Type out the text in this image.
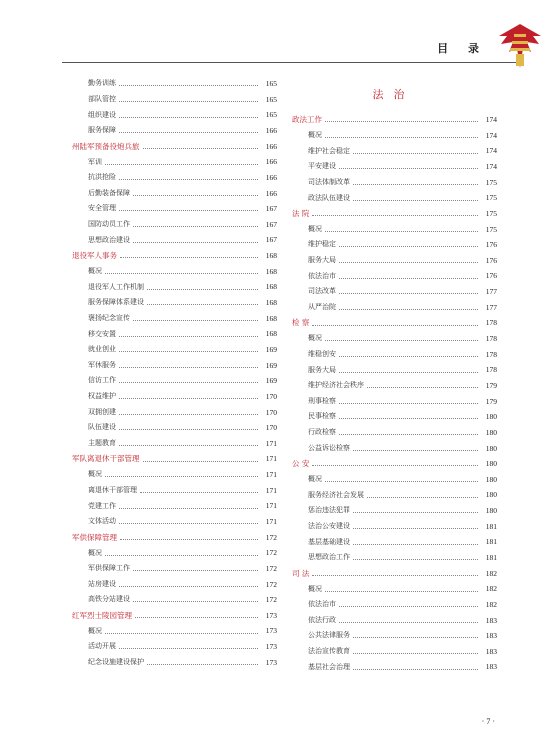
目 录
勤务训练	165
部队管控	165
组织建设	165
服务保障	166
州陆军预备役炮兵旅	166
军训	166
抗洪抢险	166
后勤装备保障	166
安全管理	167
国防动员工作	167
思想政治建设	167
退役军人事务	168
概况	168
退役军人工作机制	168
服务保障体系建设	168
褒扬纪念宣传	168
移交安置	168
就业创业	169
军休服务	169
信访工作	169
权益维护	170
双拥创建	170
队伍建设	170
主题教育	171
军队离退休干部管理	171
概况	171
离退休干部管理	171
党建工作	171
文体活动	171
军供保障管理	172
概况	172
军供保障工作	172
站房建设	172
高铁分站建设	172
红军烈士陵园管理	173
概况	173
活动开展	173
纪念设施建设保护	173
法治
政法工作	174
概况	174
维护社会稳定	174
平安建设	174
司法体制改革	175
政法队伍建设	175
法 院	175
概况	175
维护稳定	176
服务大局	176
依法治市	176
司法改革	177
从严治院	177
检 察	178
概况	178
维稳创安	178
服务大局	178
维护经济社会秩序	179
刑事检察	179
民事检察	180
行政检察	180
公益诉讼检察	180
公 安	180
概况	180
服务经济社会发展	180
惩治违法犯罪	180
法治公安建设	181
基层基础建设	181
思想政治工作	181
司 法	182
概况	182
依法治市	182
依法行政	183
公共法律服务	183
法治宣传教育	183
基层社会治理	183
· 7 ·
